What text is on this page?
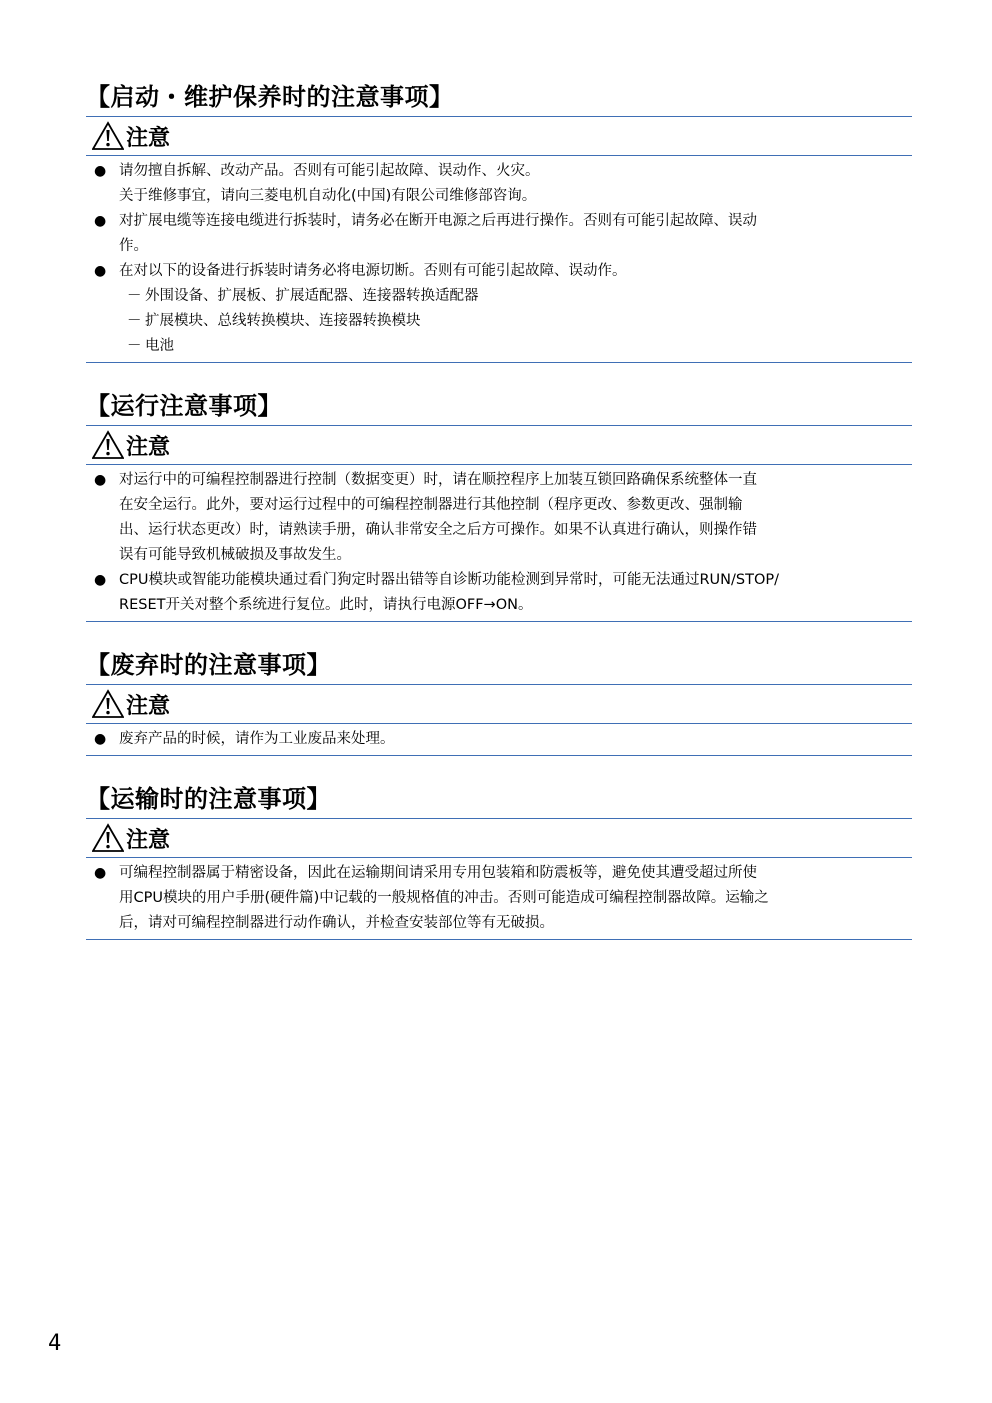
【启动・维护保养时的注意事项】
注意
● 请勿擅自拆解、改动产品。否则有可能引起故障、误动作、火灾。
关于维修事宜，请向三菱电机自动化(中国)有限公司维修部咨询。
● 对扩展电缆等连接电缆进行拆装时，请务必在断开电源之后再进行操作。否则有可能引起故障、误动
作。
● 在对以下的设备进行拆装时请务必将电源切断。否则有可能引起故障、误动作。
－ 外围设备、扩展板、扩展适配器、连接器转换适配器
－ 扩展模块、总线转换模块、连接器转换模块
－ 电池
【运行注意事项】
注意
● 对运行中的可编程控制器进行控制（数据变更）时，请在顺控程序上加装互锁回路确保系统整体一直
在安全运行。此外，要对运行过程中的可编程控制器进行其他控制（程序更改、参数更改、强制输
出、运行状态更改）时，请熟读手册，确认非常安全之后方可操作。如果不认真进行确认，则操作错
误有可能导致机械破损及事故发生。
● CPU模块或智能功能模块通过看门狗定时器出错等自诊断功能检测到异常时，可能无法通过RUN/STOP/
RESET开关对整个系统进行复位。此时，请执行电源OFF→ON。
【废弃时的注意事项】
注意
● 废弃产品的时候，请作为工业废品来处理。
【运输时的注意事项】
注意
● 可编程控制器属于精密设备，因此在运输期间请采用专用包装箱和防震板等，避免使其遭受超过所使
用CPU模块的用户手册(硬件篇)中记载的一般规格值的冲击。否则可能造成可编程控制器故障。运输之
后，请对可编程控制器进行动作确认，并检查安装部位等有无破损。
4
